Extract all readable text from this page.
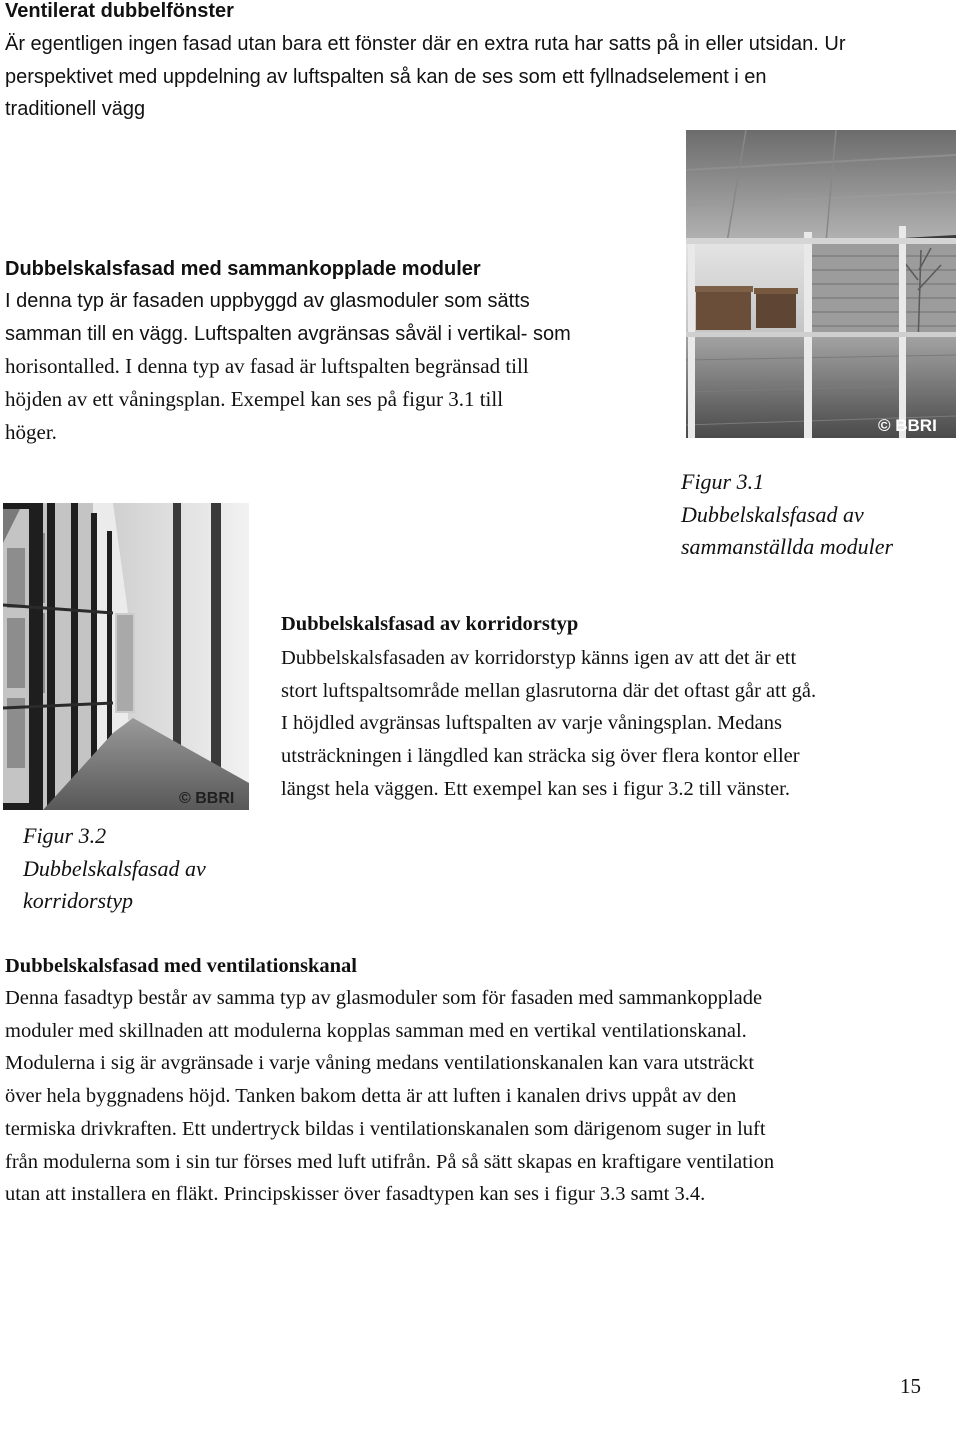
Ventilerat dubbelfönster

Är egentligen ingen fasad utan bara ett fönster där en extra ruta har satts på in eller utsidan. Ur
perspektivet med uppdelning av luftspalten så kan de ses som ett fyllnadselement i en
traditionell vägg

Dubbelskalsfasad med sammankopplade moduler

I denna typ är fasaden uppbyggd av glasmoduler som sätts
samman till en vägg. Luftspalten avgränsas såväl i vertikal- som
horisontalled. I denna typ av fasad är luftspalten begränsad till
höjden av ett våningsplan. Exempel kan ses på figur 3.1 till
höger.	© BBRI
Figur 3.1
Dubbelskalsfasad av
sammanställda moduler
© BBRI
Figur 3.2
Dubbelskalsfasad av
korridorstyp
Dubbelskalsfasad av korridorstyp

Dubbelskalsfasaden av korridorstyp känns igen av att det är ett
stort luftspaltsområde mellan glasrutorna där det oftast går att gå.
I höjdled avgränsas luftspalten av varje våningsplan. Medans
utsträckningen i längdled kan sträcka sig över flera kontor eller
längst hela väggen. Ett exempel kan ses i figur 3.2 till vänster.

Dubbelskalsfasad med ventilationskanal

Denna fasadtyp består av samma typ av glasmoduler som för fasaden med sammankopplade
moduler med skillnaden att modulerna kopplas samman med en vertikal ventilationskanal.
Modulerna i sig är avgränsade i varje våning medans ventilationskanalen kan vara utsträckt
över hela byggnadens höjd. Tanken bakom detta är att luften i kanalen drivs uppåt av den
termiska drivkraften. Ett undertryck bildas i ventilationskanalen som därigenom suger in luft
från modulerna som i sin tur förses med luft utifrån. På så sätt skapas en kraftigare ventilation
utan att installera en fläkt. Principskisser över fasadtypen kan ses i figur 3.3 samt 3.4.

15
